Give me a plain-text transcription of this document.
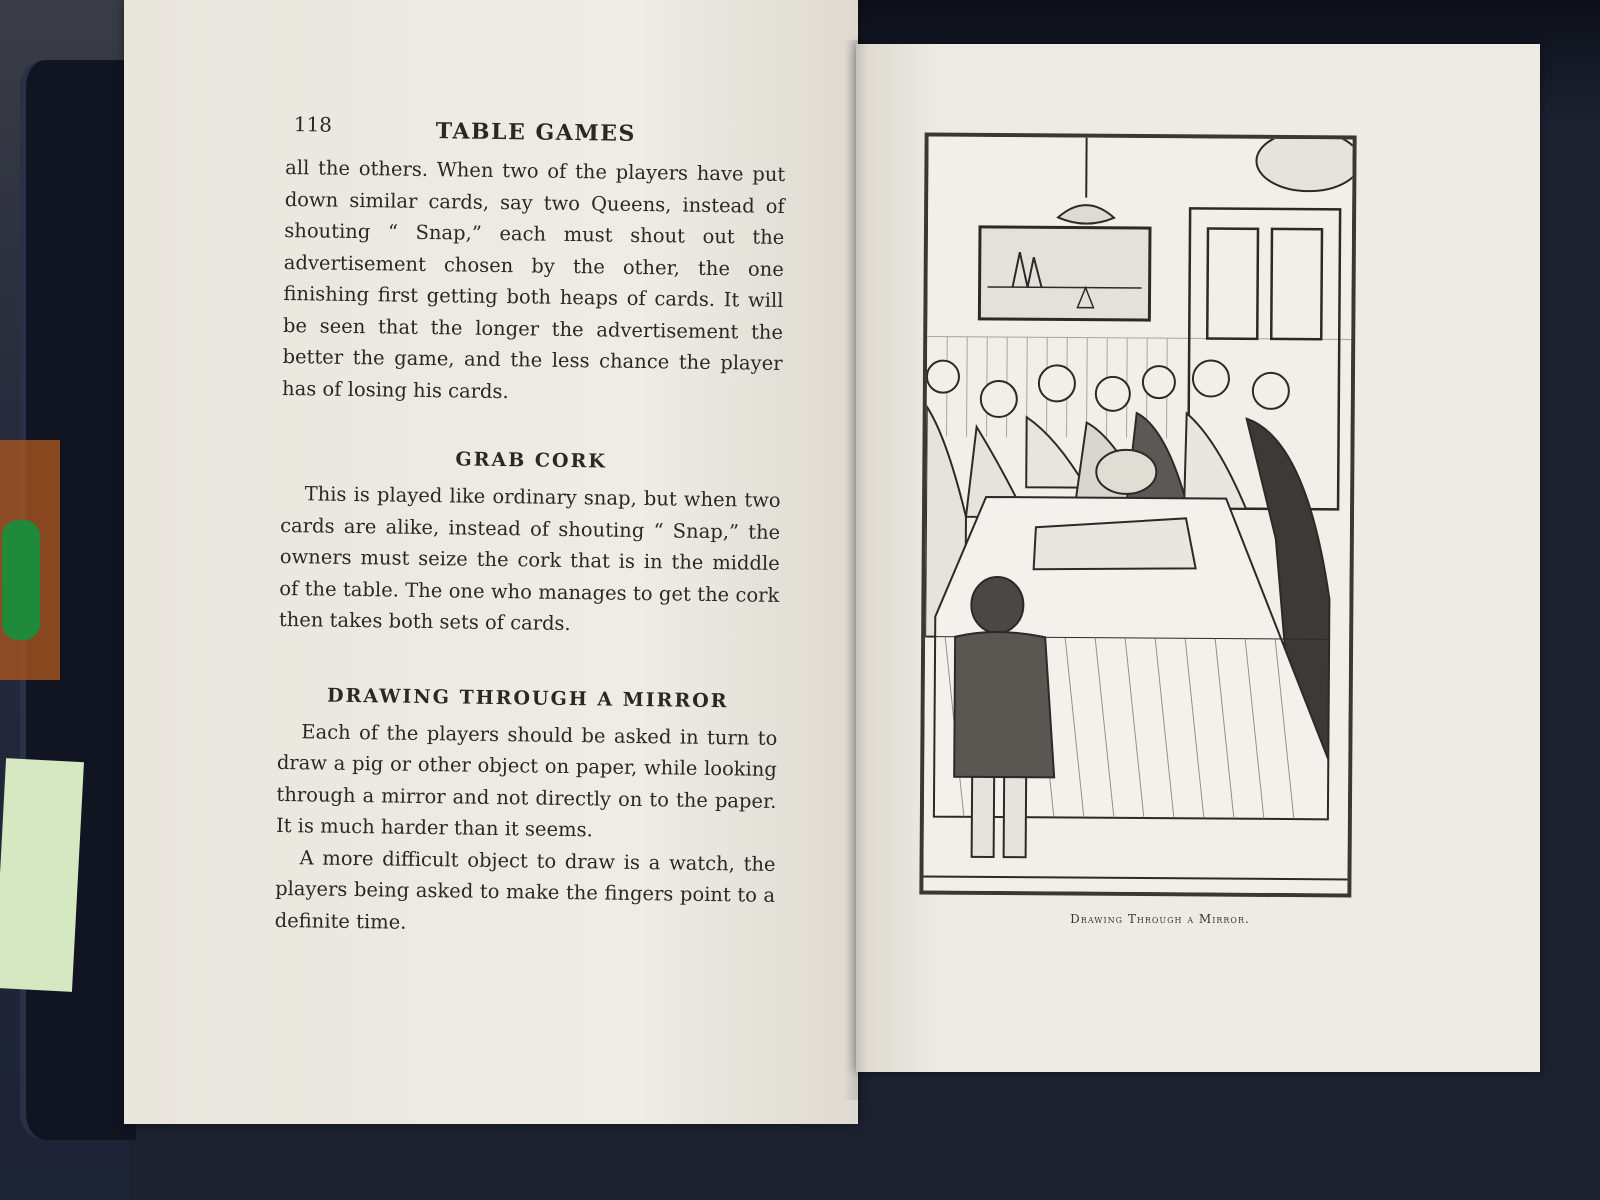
118	TABLE GAMES

all the others. When two of the players have put down similar cards, say two Queens, instead of shouting “ Snap,” each must shout out the advertisement chosen by the other, the one finishing first getting both heaps of cards. It will be seen that the longer the advertisement the better the game, and the less chance the player has of losing his cards.

GRAB CORK

This is played like ordinary snap, but when two cards are alike, instead of shouting “ Snap,” the owners must seize the cork that is in the middle of the table. The one who manages to get the cork then takes both sets of cards.

DRAWING THROUGH A MIRROR

Each of the players should be asked in turn to draw a pig or other object on paper, while looking through a mirror and not directly on to the paper. It is much harder than it seems.

A more difficult object to draw is a watch, the players being asked to make the fingers point to a definite time.	Drawing Through a Mirror.
